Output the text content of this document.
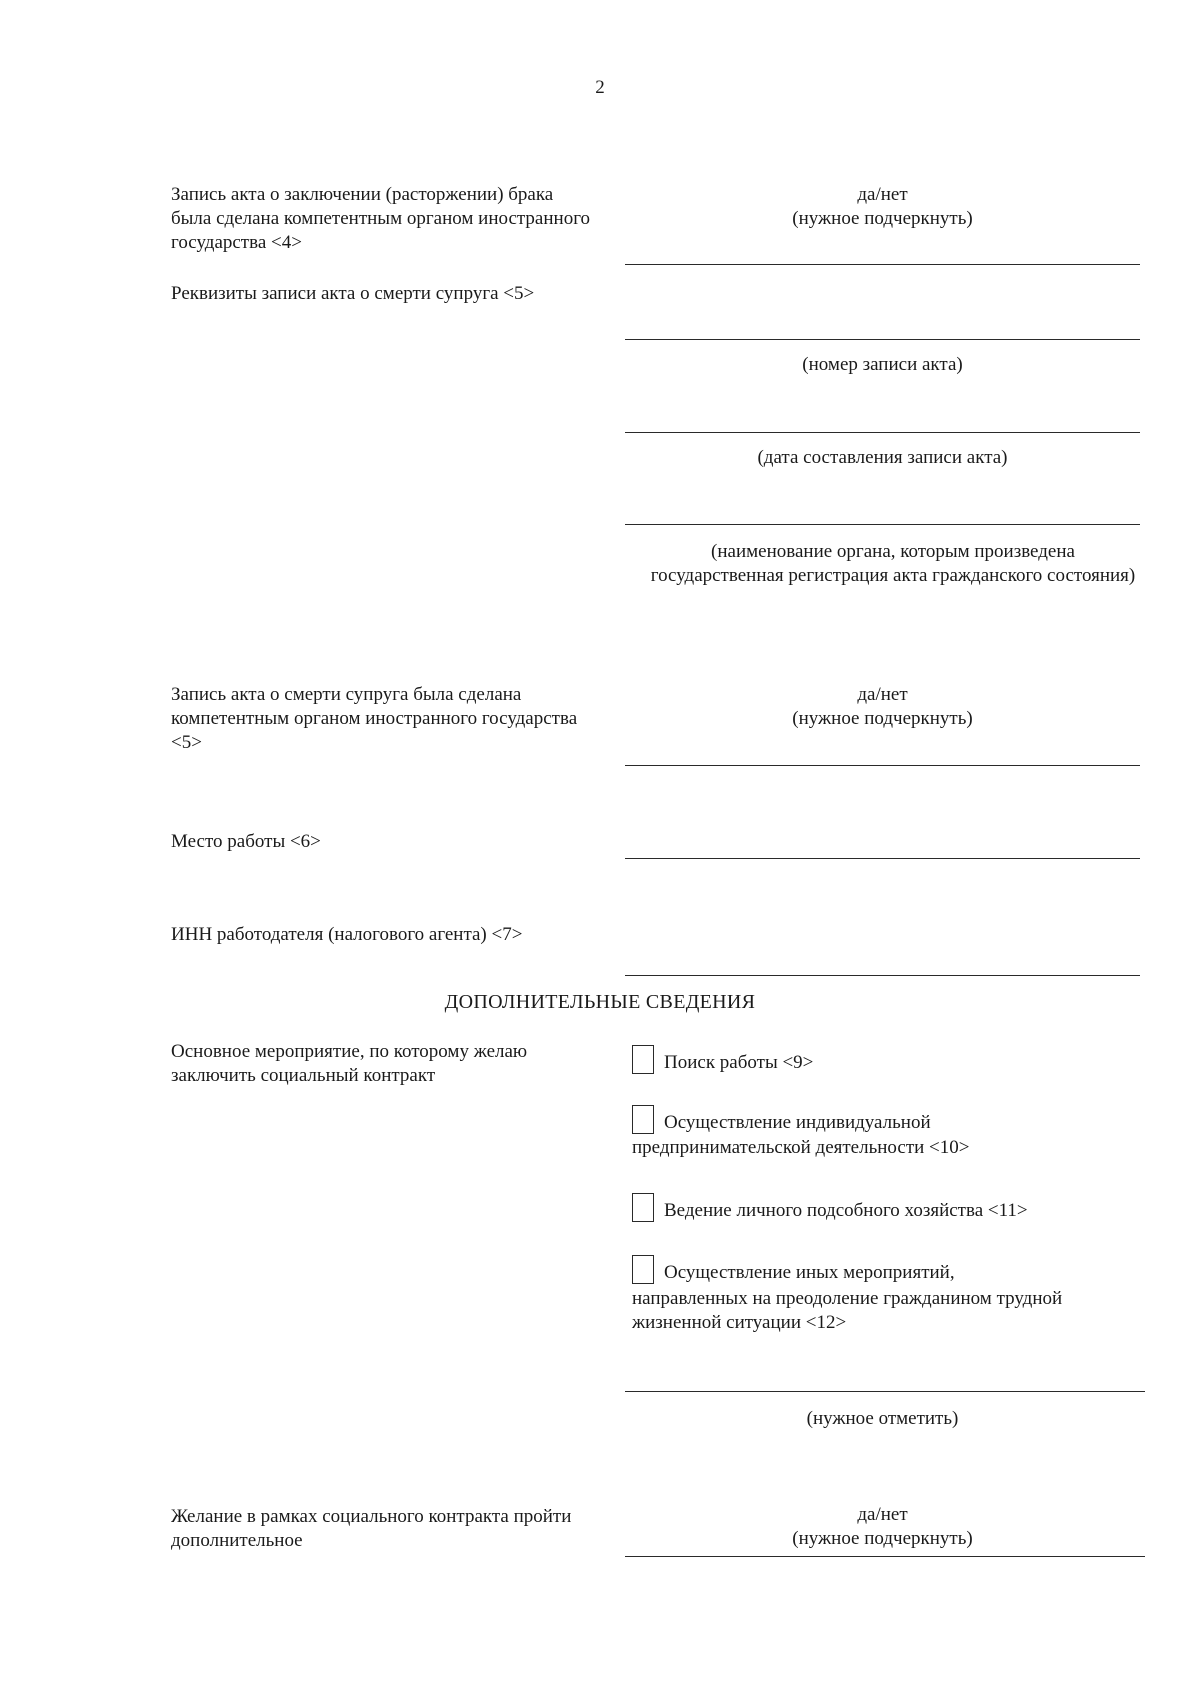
2
Запись акта о заключении (расторжении) брака была сделана компетентным органом иностранного государства <4>
да/нет
(нужное подчеркнуть)
Реквизиты записи акта о смерти супруга <5>
(номер записи акта)
(дата составления записи акта)
(наименование органа, которым произведена государственная регистрация акта гражданского состояния)
Запись акта о смерти супруга была сделана компетентным органом иностранного государства <5>
да/нет
(нужное подчеркнуть)
Место работы <6>
ИНН работодателя (налогового агента) <7>
ДОПОЛНИТЕЛЬНЫЕ СВЕДЕНИЯ
Основное мероприятие, по которому желаю заключить социальный контракт
Поиск работы <9>
Осуществление индивидуальной
предпринимательской деятельности <10>
Ведение личного подсобного хозяйства <11>
Осуществление иных мероприятий,
направленных на преодоление гражданином трудной жизненной ситуации <12>
(нужное отметить)
Желание в рамках социального контракта пройти дополнительное
да/нет
(нужное подчеркнуть)
